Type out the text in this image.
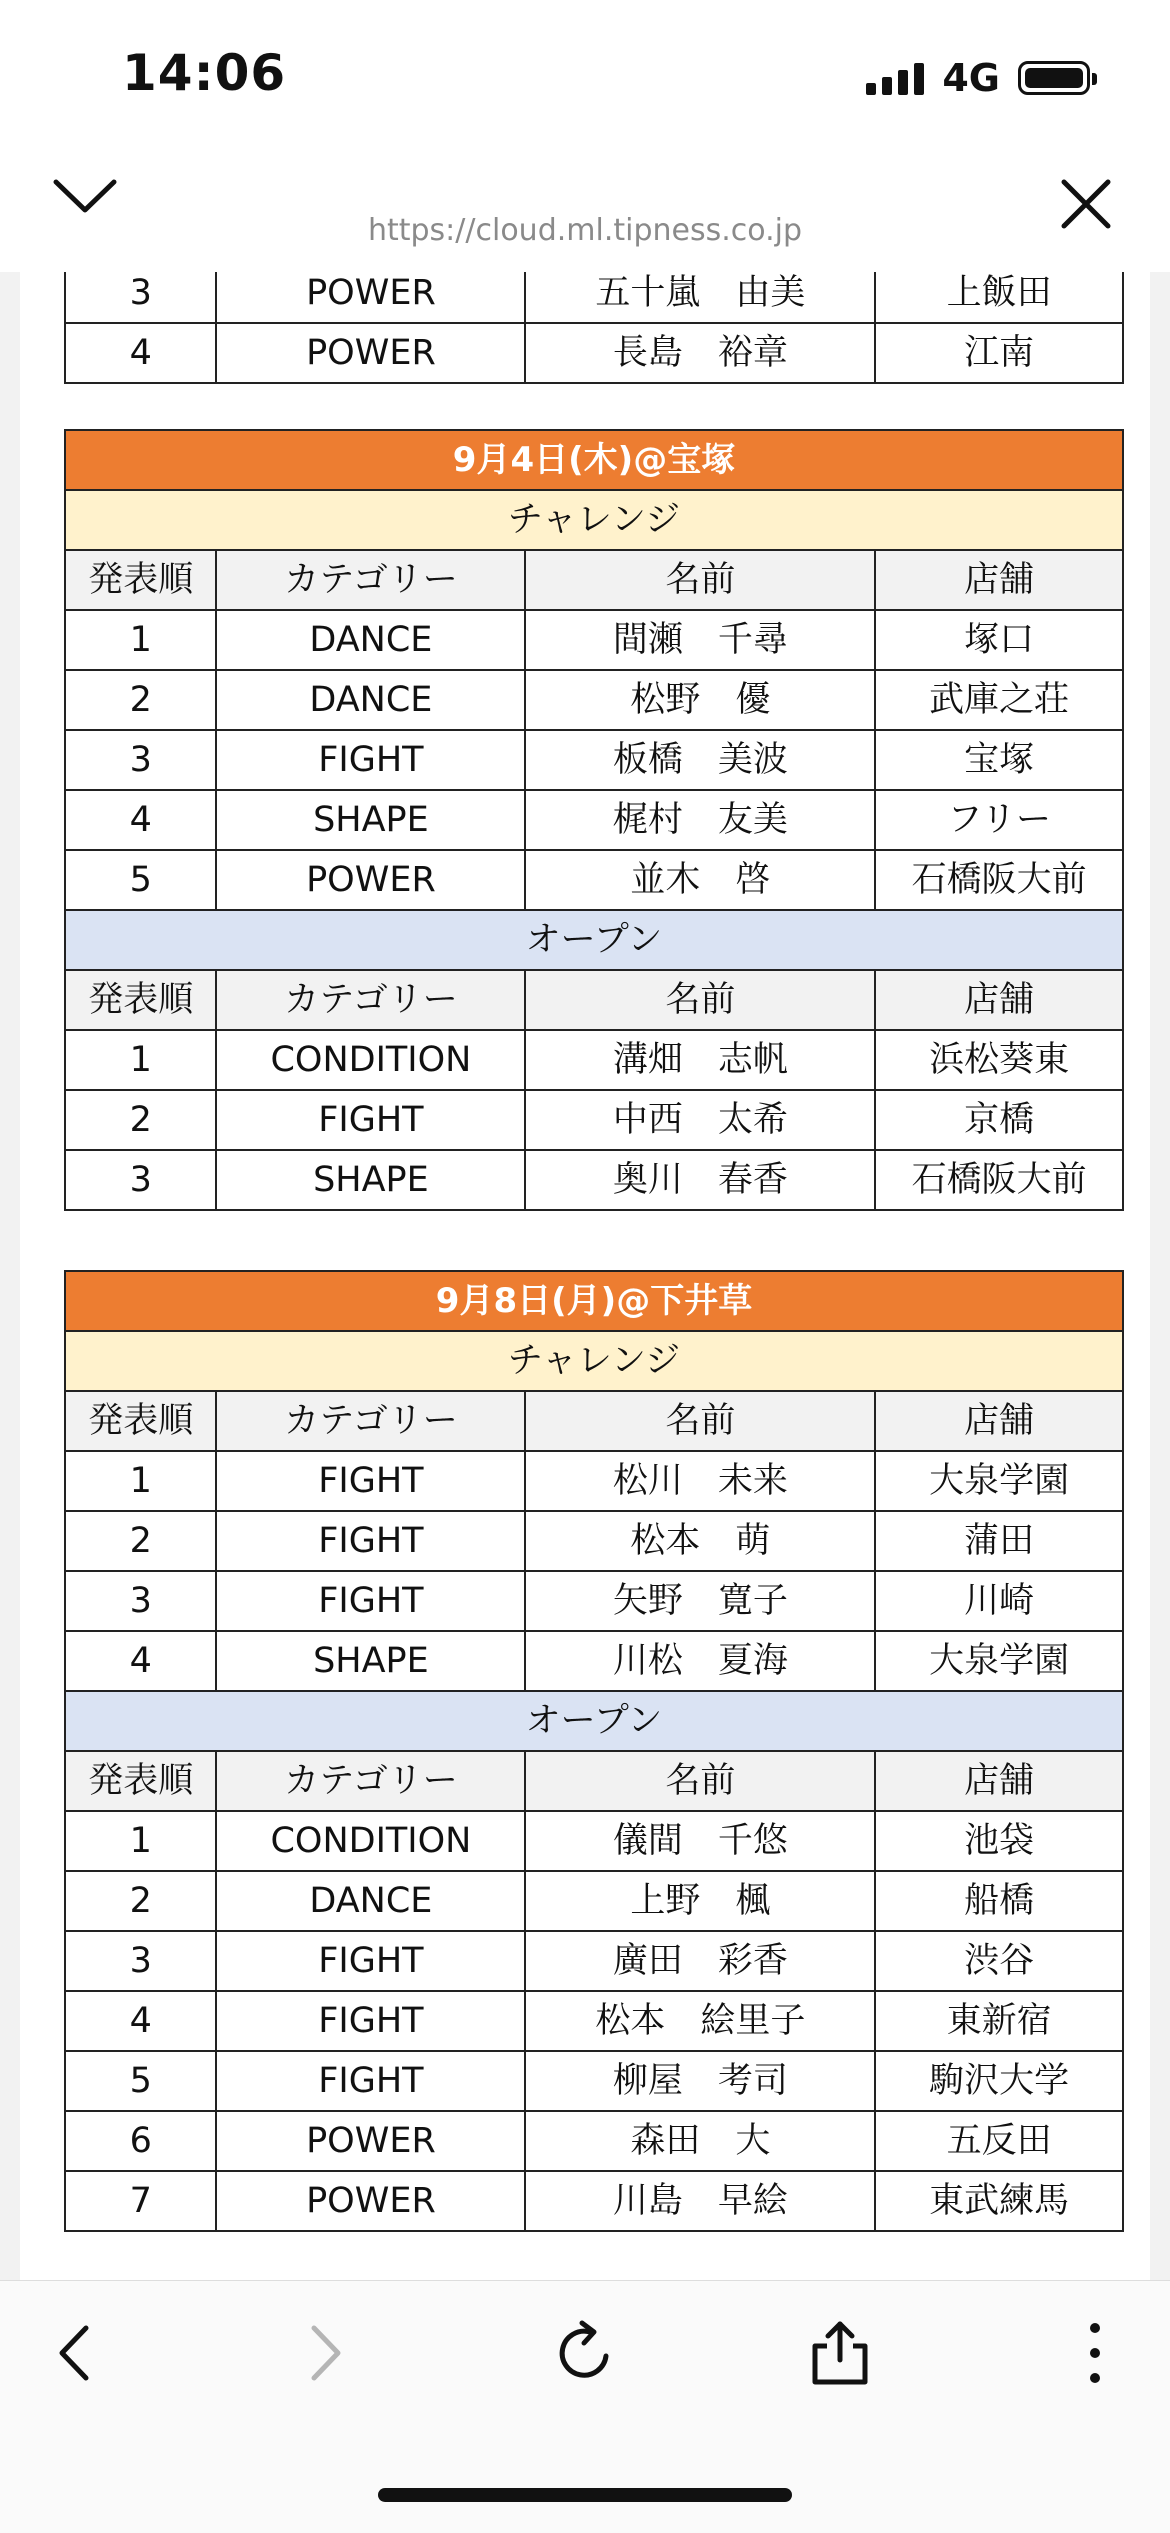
14:06	4G
https://cloud.ml.tipness.co.jp
3	POWER	五十嵐　由美	上飯田
4	POWER	長島　裕章	江南
9月4日(木)@宝塚			
チャレンジ			
発表順	カテゴリー	名前	店舗
1	DANCE	間瀬　千尋	塚口
2	DANCE	松野　優	武庫之荘
3	FIGHT	板橋　美波	宝塚
4	SHAPE	梶村　友美	フリー
5	POWER	並木　啓	石橋阪大前
オープン			
発表順	カテゴリー	名前	店舗
1	CONDITION	溝畑　志帆	浜松葵東
2	FIGHT	中西　太希	京橋
3	SHAPE	奥川　春香	石橋阪大前
9月8日(月)@下井草			
チャレンジ			
発表順	カテゴリー	名前	店舗
1	FIGHT	松川　未来	大泉学園
2	FIGHT	松本　萌	蒲田
3	FIGHT	矢野　寛子	川崎
4	SHAPE	川松　夏海	大泉学園
オープン			
発表順	カテゴリー	名前	店舗
1	CONDITION	儀間　千悠	池袋
2	DANCE	上野　楓	船橋
3	FIGHT	廣田　彩香	渋谷
4	FIGHT	松本　絵里子	東新宿
5	FIGHT	柳屋　考司	駒沢大学
6	POWER	森田　大	五反田
7	POWER	川島　早絵	東武練馬
